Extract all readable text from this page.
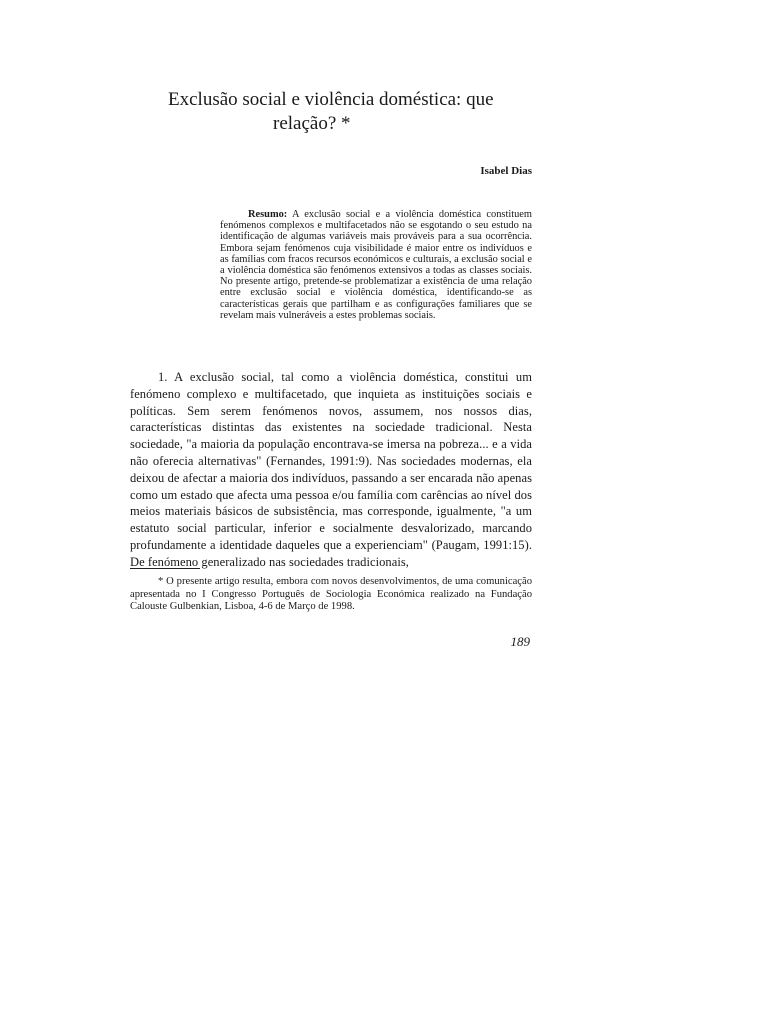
Exclusão social e violência doméstica: que
relação? *
Isabel Dias

Resumo: A exclusão social e a violência doméstica constituem fenómenos complexos e multifacetados não se esgotando o seu estudo na identificação de algumas variáveis mais prováveis para a sua ocorrência. Embora sejam fenómenos cuja visibilidade é maior entre os indivíduos e as famílias com fracos recursos económicos e culturais, a exclusão social e a violência doméstica são fenómenos extensivos a todas as classes sociais. No presente artigo, pretende-se problematizar a existência de uma relação entre exclusão social e violência doméstica, identificando-se as características gerais que partilham e as configurações familiares que se revelam mais vulneráveis a estes problemas sociais.

1. A exclusão social, tal como a violência doméstica, constitui um fenómeno complexo e multifacetado, que inquieta as instituições sociais e políticas. Sem serem fenómenos novos, assumem, nos nossos dias, características distintas das existentes na sociedade tradicional. Nesta sociedade, "a maioria da população encontrava-se imersa na pobreza... e a vida não oferecia alternativas" (Fernandes, 1991:9). Nas sociedades modernas, ela deixou de afectar a maioria dos indivíduos, passando a ser encarada não apenas como um estado que afecta uma pessoa e/ou família com carências ao nível dos meios materiais básicos de subsistência, mas corresponde, igualmente, "a um estatuto social particular, inferior e socialmente desvalorizado, marcando profundamente a identidade daqueles que a experienciam" (Paugam, 1991:15). De fenómeno generalizado nas sociedades tradicionais,

* O presente artigo resulta, embora com novos desenvolvimentos, de uma comunicação apresentada no I Congresso Português de Sociologia Económica realizado na Fundação Calouste Gulbenkian, Lisboa, 4-6 de Março de 1998.

189
